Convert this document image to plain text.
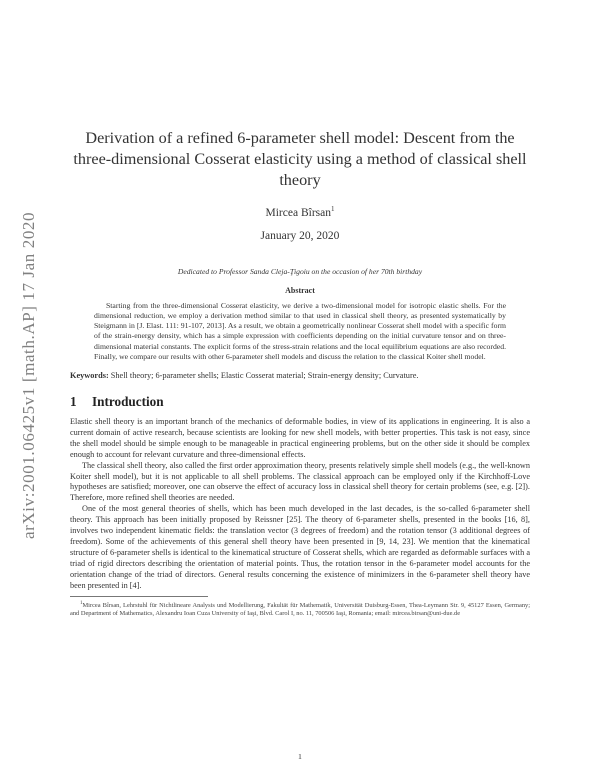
arXiv:2001.06425v1 [math.AP] 17 Jan 2020
Derivation of a refined 6-parameter shell model: Descent from the three-dimensional Cosserat elasticity using a method of classical shell theory
Mircea Bîrsan$^1$
January 20, 2020
Dedicated to Professor Sanda Cleja-Ţigoiu on the occasion of her 70th birthday
Abstract

Starting from the three-dimensional Cosserat elasticity, we derive a two-dimensional model for isotropic elastic shells. For the dimensional reduction, we employ a derivation method similar to that used in classical shell theory, as presented systematically by Steigmann in [J. Elast. 111: 91-107, 2013]. As a result, we obtain a geometrically nonlinear Cosserat shell model with a specific form of the strain-energy density, which has a simple expression with coefficients depending on the initial curvature tensor and on three-dimensional material constants. The explicit forms of the stress-strain relations and the local equilibrium equations are also recorded. Finally, we compare our results with other 6-parameter shell models and discuss the relation to the classical Koiter shell model.

Keywords: Shell theory; 6-parameter shells; Elastic Cosserat material; Strain-energy density; Curvature.
1 Introduction

Elastic shell theory is an important branch of the mechanics of deformable bodies, in view of its applications in engineering. It is also a current domain of active research, because scientists are looking for new shell models, with better properties. This task is not easy, since the shell model should be simple enough to be manageable in practical engineering problems, but on the other side it should be complex enough to account for relevant curvature and three-dimensional effects.

The classical shell theory, also called the first order approximation theory, presents relatively simple shell models (e.g., the well-known Koiter shell model), but it is not applicable to all shell problems. The classical approach can be employed only if the Kirchhoff-Love hypotheses are satisfied; moreover, one can observe the effect of accuracy loss in classical shell theory for certain problems (see, e.g. [2]). Therefore, more refined shell theories are needed.

One of the most general theories of shells, which has been much developed in the last decades, is the so-called 6-parameter shell theory. This approach has been initially proposed by Reissner [25]. The theory of 6-parameter shells, presented in the books [16, 8], involves two independent kinematic fields: the translation vector (3 degrees of freedom) and the rotation tensor (3 additional degrees of freedom). Some of the achievements of this general shell theory have been presented in [9, 14, 23]. We mention that the kinematical structure of 6-parameter shells is identical to the kinematical structure of Cosserat shells, which are regarded as deformable surfaces with a triad of rigid directors describing the orientation of material points. Thus, the rotation tensor in the 6-parameter model accounts for the orientation change of the triad of directors. General results concerning the existence of minimizers in the 6-parameter shell theory have been presented in [4].

$^1$Mircea Bîrsan, Lehrstuhl für Nichtlineare Analysis und Modellierung, Fakultät für Mathematik, Universität Duisburg-Essen, Thea-Leymann Str. 9, 45127 Essen, Germany; and Department of Mathematics, Alexandru Ioan Cuza University of Iaşi, Blvd. Carol I, no. 11, 700506 Iaşi, Romania; email: mircea.birsan@uni-due.de

1
